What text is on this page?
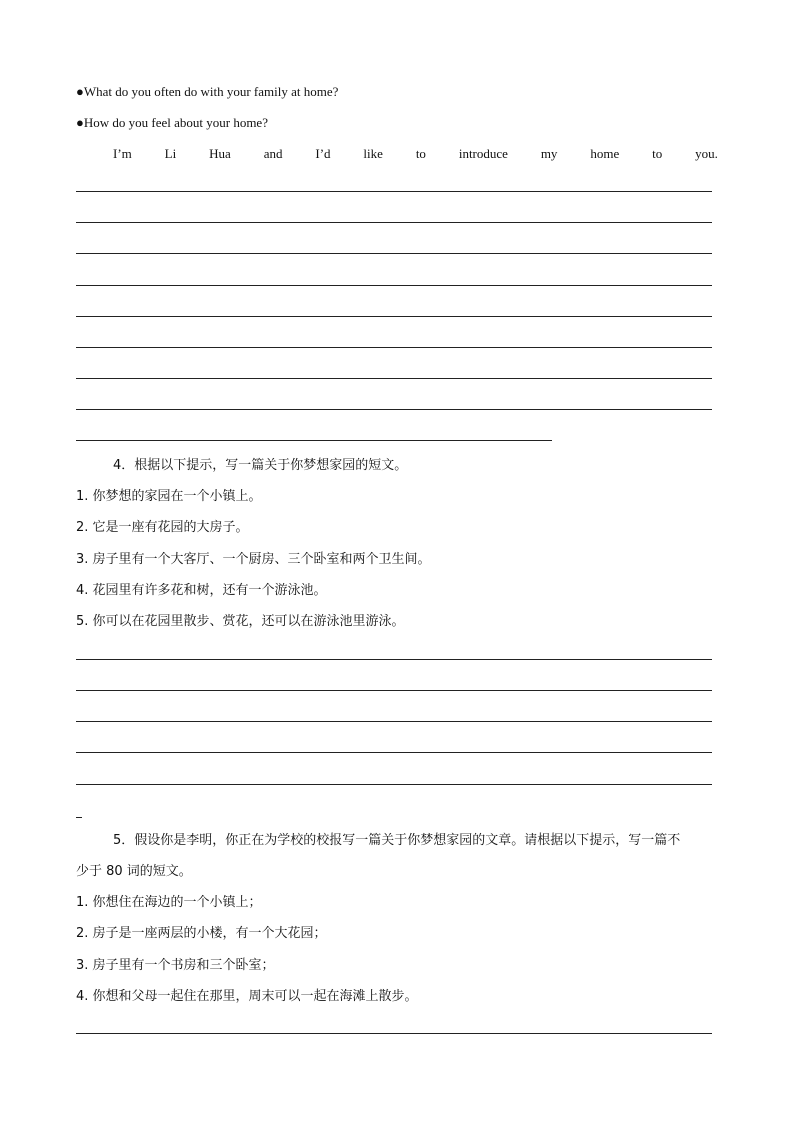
●What do you often do with your family at home?
●How do you feel about your home?
I’m	Li	Hua	and	I’d	like	to	introduce	my	home	to	you.
4．根据以下提示，写一篇关于你梦想家园的短文。
1. 你梦想的家园在一个小镇上。
2. 它是一座有花园的大房子。
3. 房子里有一个大客厅、一个厨房、三个卧室和两个卫生间。
4. 花园里有许多花和树，还有一个游泳池。
5. 你可以在花园里散步、赏花，还可以在游泳池里游泳。
5．假设你是李明，你正在为学校的校报写一篇关于你梦想家园的文章。请根据以下提示，写一篇不
少于 80 词的短文。
1. 你想住在海边的一个小镇上；
2. 房子是一座两层的小楼，有一个大花园；
3. 房子里有一个书房和三个卧室；
4. 你想和父母一起住在那里，周末可以一起在海滩上散步。
